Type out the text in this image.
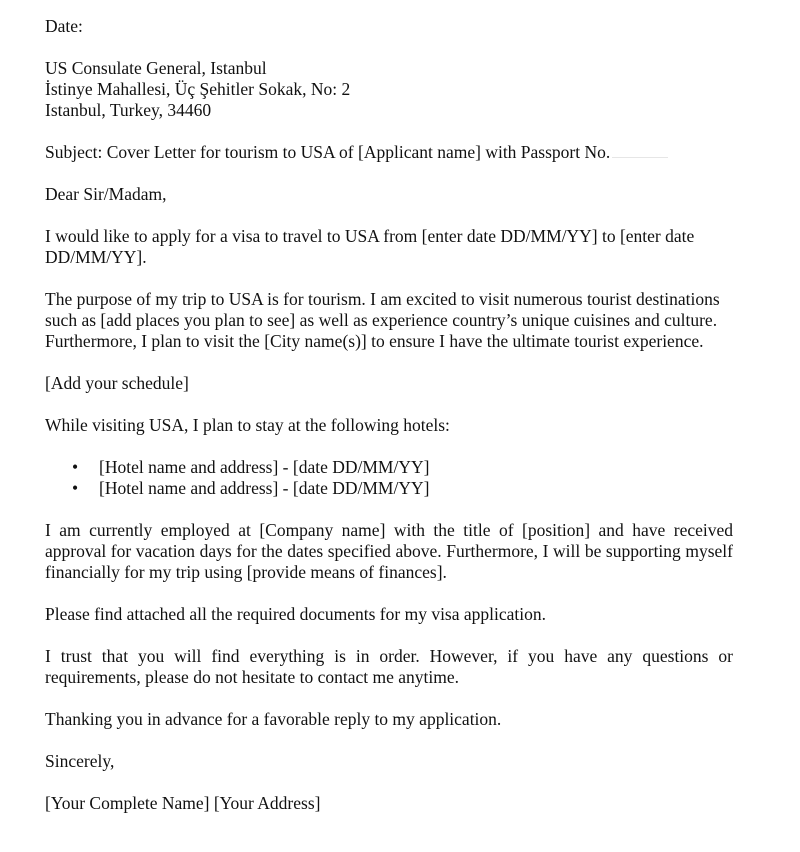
Date:

US Consulate General, Istanbul

İstinye Mahallesi, Üç Şehitler Sokak, No: 2

Istanbul, Turkey, 34460

Subject: Cover Letter for tourism to USA of [Applicant name] with Passport No.

Dear Sir/Madam,

I would like to apply for a visa to travel to USA from [enter date DD/MM/YY] to [enter date DD/MM/YY].

The purpose of my trip to USA is for tourism. I am excited to visit numerous tourist destinations

such as [add places you plan to see] as well as experience country’s unique cuisines and culture.

Furthermore, I plan to visit the [City name(s)] to ensure I have the ultimate tourist experience.

[Add your schedule]

While visiting USA, I plan to stay at the following hotels:

• [Hotel name and address] - [date DD/MM/YY]
• [Hotel name and address] - [date DD/MM/YY]

I am currently employed at [Company name] with the title of [position] and have received approval for vacation days for the dates specified above. Furthermore, I will be supporting myself financially for my trip using [provide means of finances].

Please find attached all the required documents for my visa application.

I trust that you will find everything is in order. However, if you have any questions or requirements, please do not hesitate to contact me anytime.

Thanking you in advance for a favorable reply to my application.

Sincerely,

[Your Complete Name] [Your Address]
